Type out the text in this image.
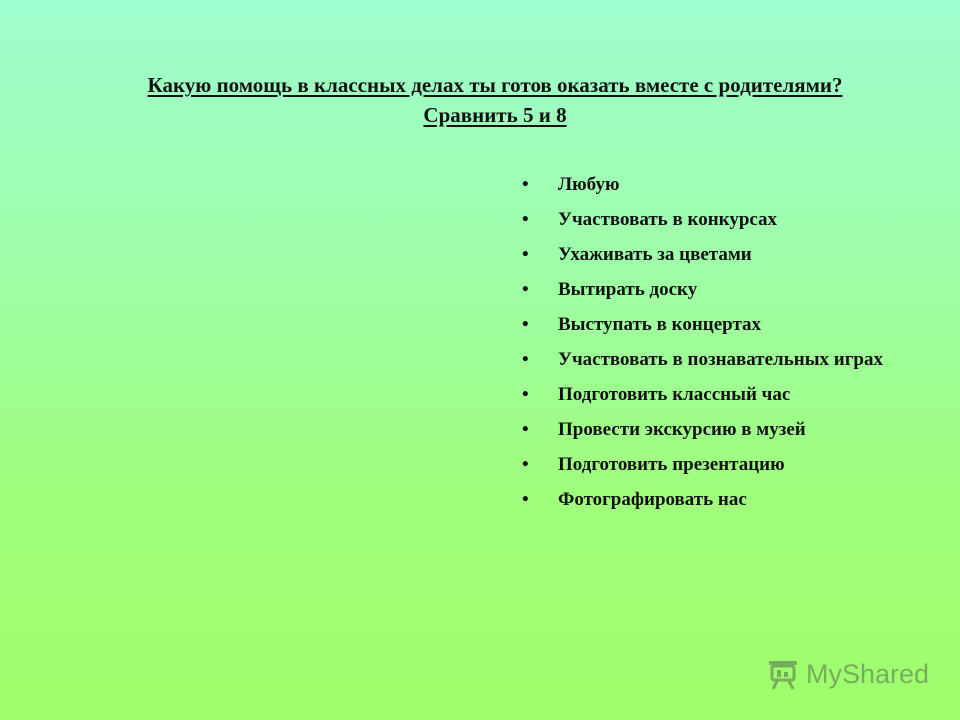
Какую помощь в классных делах ты готов оказать вместе с родителями? Сравнить 5 и 8
• Любую
• Участвовать в конкурсах
• Ухаживать за цветами
• Вытирать доску
• Выступать в концертах
• Участвовать в познавательных играх
• Подготовить классный час
• Провести экскурсию в музей
• Подготовить презентацию
• Фотографировать нас
MyShared
